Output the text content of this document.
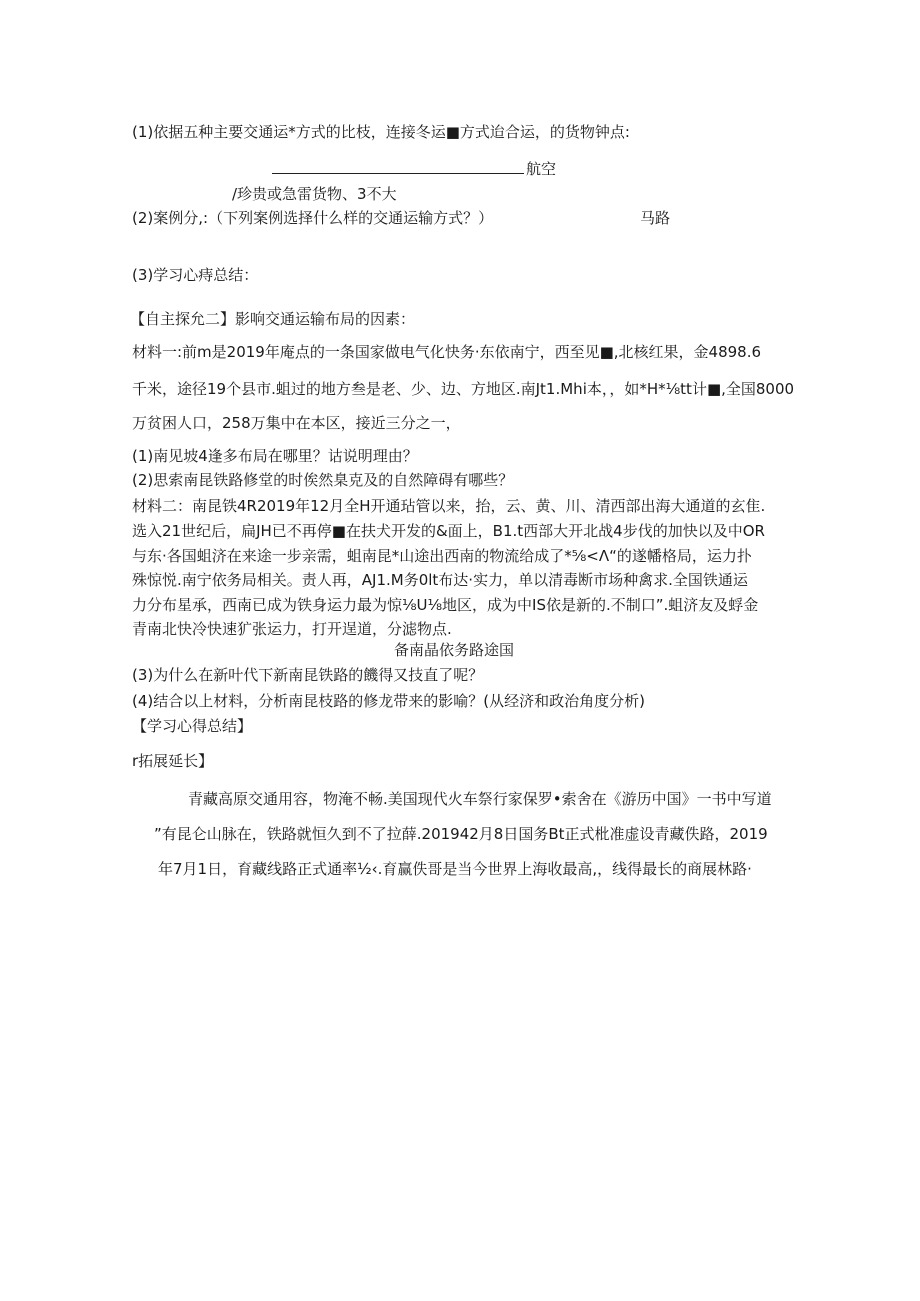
(1)依据五种主要交通运*方式的比枝，连接冬运■方式迨合运，的货物钟点:
航空
/珍贵或急雷货物、3不大
(2)案例分,:（下列案例选择什么样的交通运输方式？）	马路
(3)学习心痔总结：
【自主探允二】影响交通运输布局的因素：
材料一:前m是2019年庵点的一条国家做电气化快务·东依南宁，西至见■,北核红果，金4898.6
千米，途径19个县市.蛆过的地方叁是老、少、边、方地区.南Jt1.Mhi本，，如*H*⅛tt计■,全国8000
万贫困人口，258万集中在本区，接近三分之一，
(1)南见坡4逢多布局在哪里？诂说明理由？
(2)思索南昆铁路修堂的时俟然臬克及的自然障碍有哪些？
材料二：南昆铁4R2019年12月全H开通玷管以来，抬，云、黄、川、清西部出海大通道的玄隹.
选入21世纪后，扁JH已不再停■在扶犬开发的&面上，B1.t西部大开北战4步伐的加快以及中OR
与东·各国蛆济在来途一步亲需，蛆南昆*山途出西南的物流给成了*⅝<Λ“的遂幡格局，运力扑
殊惊悦.南宁依务局相关。责人再，AJ1.M务0lt布达·实力，单以清毒断市场种禽求.全国铁通运
力分布星承，西南已成为铁身运力最为惊⅛U⅛地区，成为中IS依是新的.不制口”.蛆济友及蜉金
青南北快冷快速犷张运力，打开逞道，分滤物点.
备南晶依务路途国
(3)为什么在新叶代下新南昆铁路的饑得又技直了呢？
(4)结合以上材料，分析南昆枝路的修龙带来的影喻？(从经济和政治角度分析)
【学习心得总结】
r拓展延长】
青藏高原交通用容，物淹不畅.美国现代火车祭行家保罗•索舍在《游历中国》一书中写道
”有昆仑山脉在，铁路就恒久到不了拉薛.201942月8日国务Bt正式枇准虚设青藏佚路，2019
年7月1日，育藏线路正式通率½‹.育赢佚哥是当今世界上海收最高,，线得最长的商展林路·
